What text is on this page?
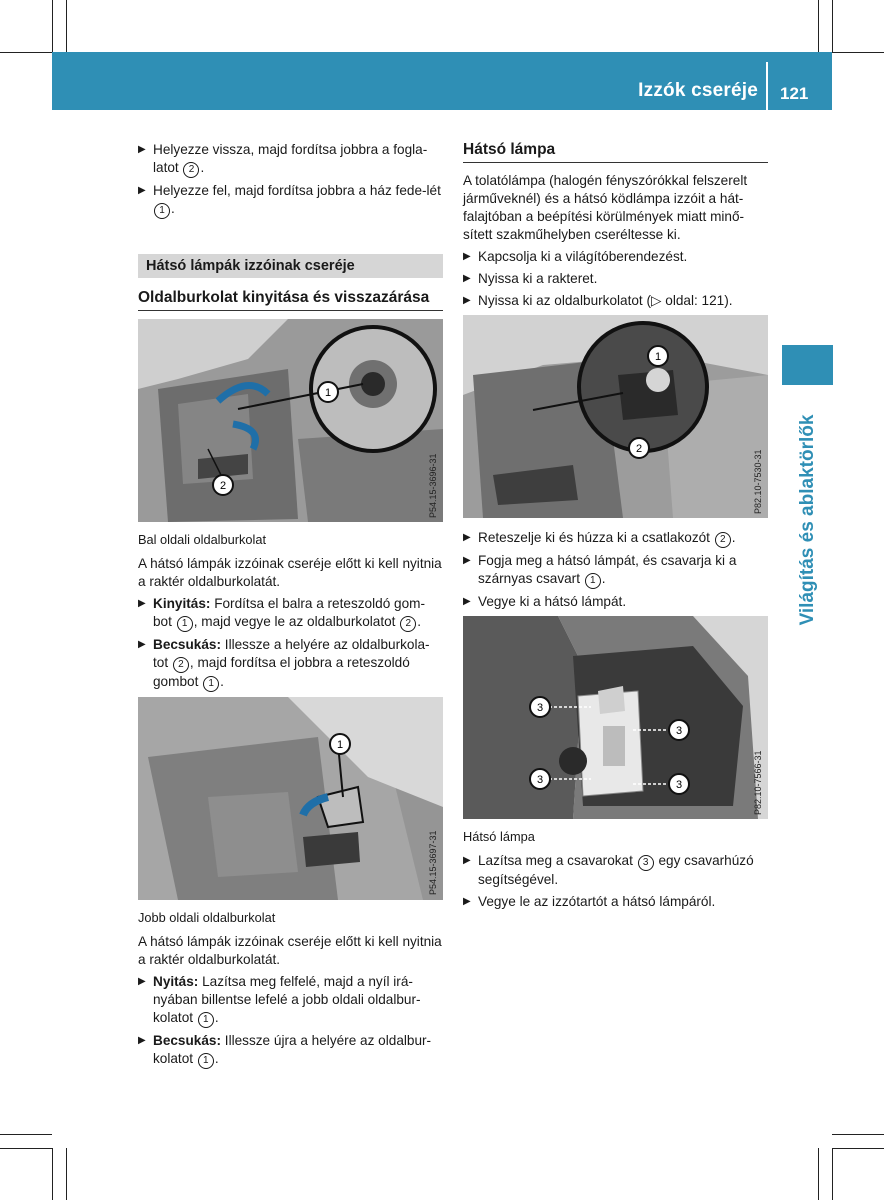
Izzók cseréje 121
Világítás és ablaktörlők
▶ Helyezze vissza, majd fordítsa jobbra a fogla-latot 2 .
▶ Helyezze fel, majd fordítsa jobbra a ház fede-lét 1 .
Hátsó lámpák izzóinak cseréje
Oldalburkolat kinyitása és visszazárása
1
2	P54.15-3696-31
Bal oldali oldalburkolat
A hátsó lámpák izzóinak cseréje előtt ki kell nyitnia a raktér oldalburkolatát.
▶ Kinyitás: Fordítsa el balra a reteszoldó gom-bot 1 , majd vegye le az oldalburkolatot 2 .
▶ Becsukás: Illessze a helyére az oldalburkola-tot 2 , majd fordítsa el jobbra a reteszoldó gombot 1 .
1
P54.15-3697-31
Jobb oldali oldalburkolat
A hátsó lámpák izzóinak cseréje előtt ki kell nyitnia a raktér oldalburkolatát.
▶ Nyitás: Lazítsa meg felfelé, majd a nyíl irá-nyában billentse lefelé a jobb oldali oldalbur-kolatot 1 .
▶ Becsukás: Illessze újra a helyére az oldalbur-kolatot 1 .
Hátsó lámpa
A tolatólámpa (halogén fényszórókkal felszerelt járműveknél) és a hátsó ködlámpa izzóit a hát-falajtóban a beépítési körülmények miatt minő-sített szakműhelyben cseréltesse ki.
▶ Kapcsolja ki a világítóberendezést.
▶ Nyissa ki a rakteret.
▶ Nyissa ki az oldalburkolatot (▷ oldal: 121).
1
2
P82.10-7530-31
▶ Reteszelje ki és húzza ki a csatlakozót 2 .
▶ Fogja meg a hátsó lámpát, és csavarja ki a szárnyas csavart 1 .
▶ Vegye ki a hátsó lámpát.
3
3
3	3	P82.10-7566-31
Hátsó lámpa
▶ Lazítsa meg a csavarokat 3 egy csavarhúzó segítségével.
▶ Vegye le az izzótartót a hátsó lámpáról.
